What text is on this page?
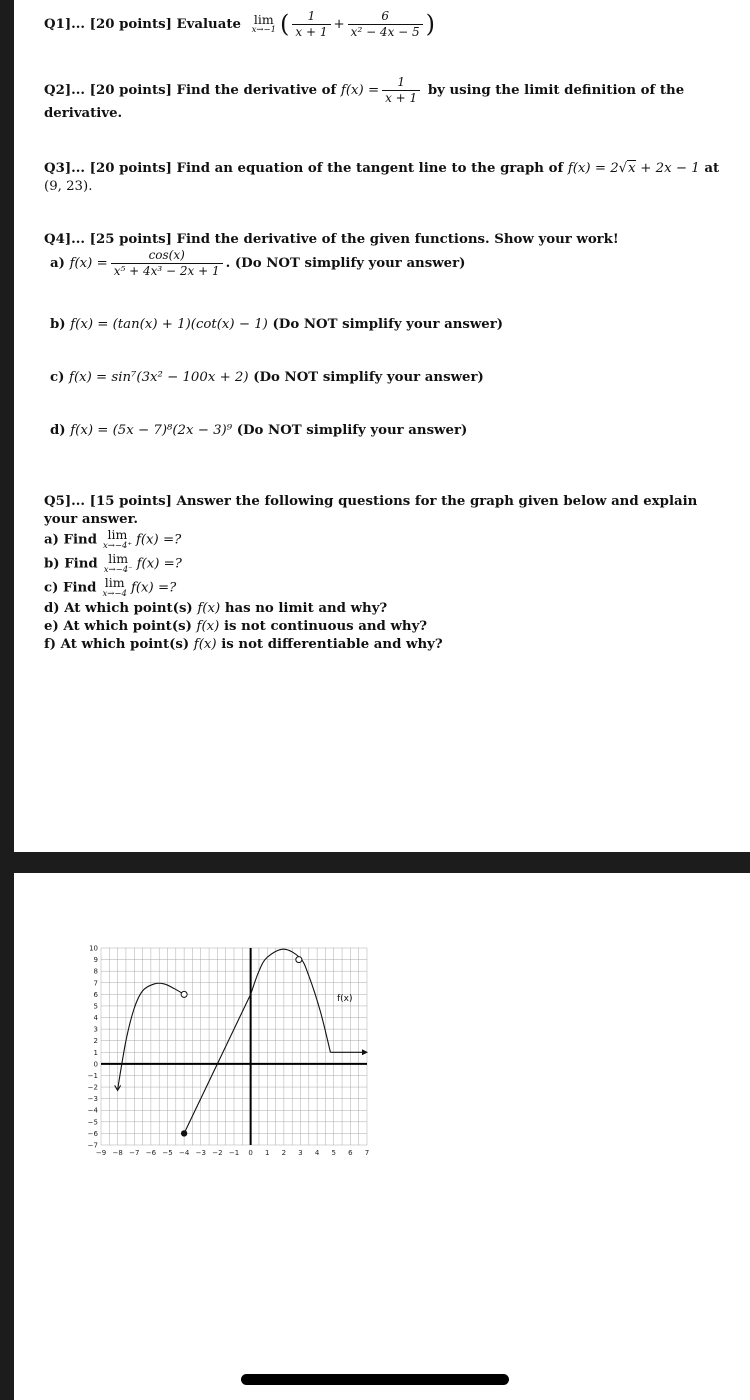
Q1]... [20 points] Evaluate lim
x→−1 ( $\frac{1}{x + 1} + \frac{6}{\text{x² − 4x − 5}}$ )
Q2]... [20 points] Find the derivative of $f(x) = \frac{1}{x + 1}$ by using the limit definition of the derivative.
Q3]... [20 points] Find an equation of the tangent line to the graph of f(x) = 2√x + 2x − 1 at (9, 23).
Q4]... [25 points] Find the derivative of the given functions. Show your work!
a) $f(x) = \frac{\cos(x)}{\text{x⁵ + 4x³ − 2x + 1}}$ . (Do NOT simplify your answer)
b) f(x) = (tan(x) + 1)(cot(x) − 1) (Do NOT simplify your answer)
c) f(x) = sin⁷(3x² − 100x + 2) (Do NOT simplify your answer)
d) f(x) = (5x − 7)⁸(2x − 3)⁹ (Do NOT simplify your answer)
Q5]... [15 points] Answer the following questions for the graph given below and explain your answer.
a) Find lim
x→−4⁺ f(x) =?
b) Find lim
x→−4⁻ f(x) =?
c) Find lim
x→−4 f(x) =?
d) At which point(s) f(x) has no limit and why?
e) At which point(s) f(x) is not continuous and why?
f) At which point(s) f(x) is not differentiable and why?
−9 −8 −7 −6 −5 −4 −3 −2 −1 0 1 2 3 4 5 6 7
10
9
8
7
6
5
4
3
2
1
0
−1
−2
−3
−4
−5
−6
−7
f(x)
